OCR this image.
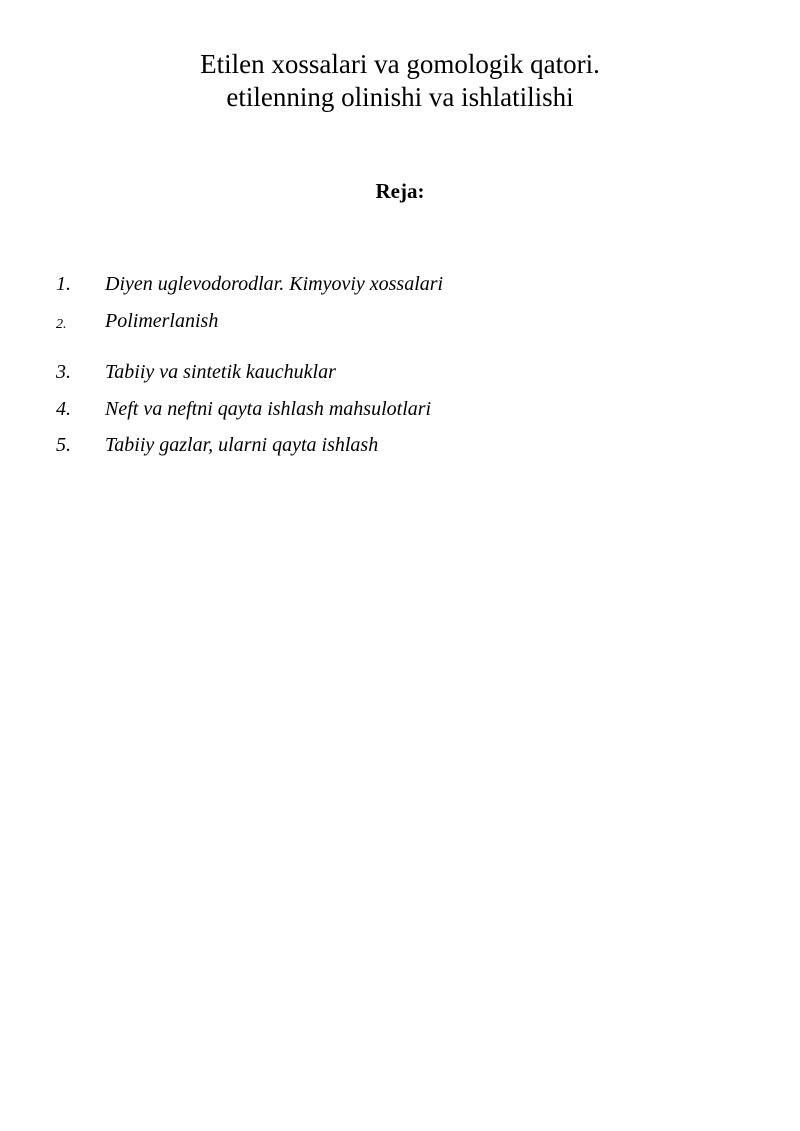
Etilen xossalari va gomologik qatori.
etilenning olinishi va ishlatilishi
Reja:
1. Diyen uglevodorodlar. Kimyoviy xossalari
2. Polimerlanish
3. Tabiiy va sintetik kauchuklar
4. Neft va neftni qayta ishlash mahsulotlari
5. Tabiiy gazlar, ularni qayta ishlash
